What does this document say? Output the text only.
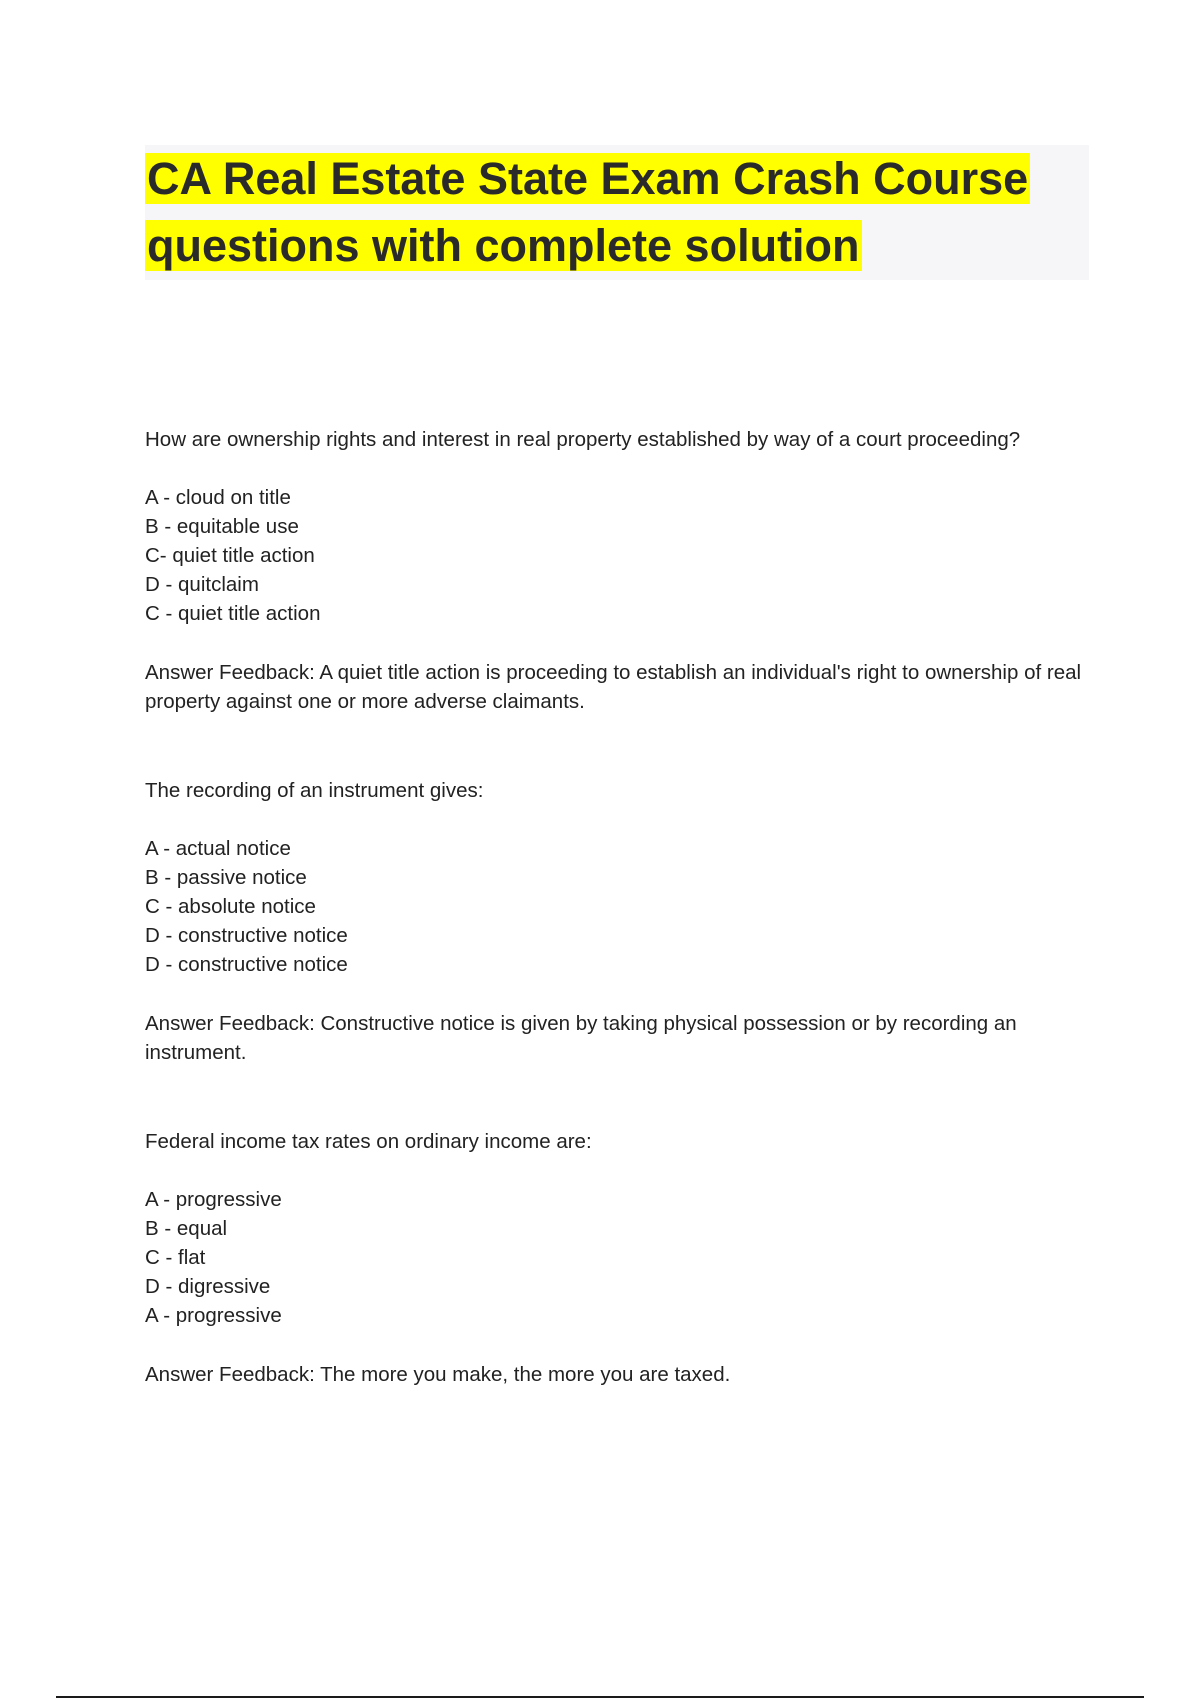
CA Real Estate State Exam Crash Course
questions with complete solution

How are ownership rights and interest in real property established by way of a court proceeding?

A - cloud on title
B - equitable use
C- quiet title action
D - quitclaim
C - quiet title action

Answer Feedback: A quiet title action is proceeding to establish an individual's right to ownership of real property against one or more adverse claimants.

The recording of an instrument gives:

A - actual notice
B - passive notice
C - absolute notice
D - constructive notice
D - constructive notice

Answer Feedback: Constructive notice is given by taking physical possession or by recording an instrument.

Federal income tax rates on ordinary income are:

A - progressive
B - equal
C - flat
D - digressive
A - progressive

Answer Feedback: The more you make, the more you are taxed.
